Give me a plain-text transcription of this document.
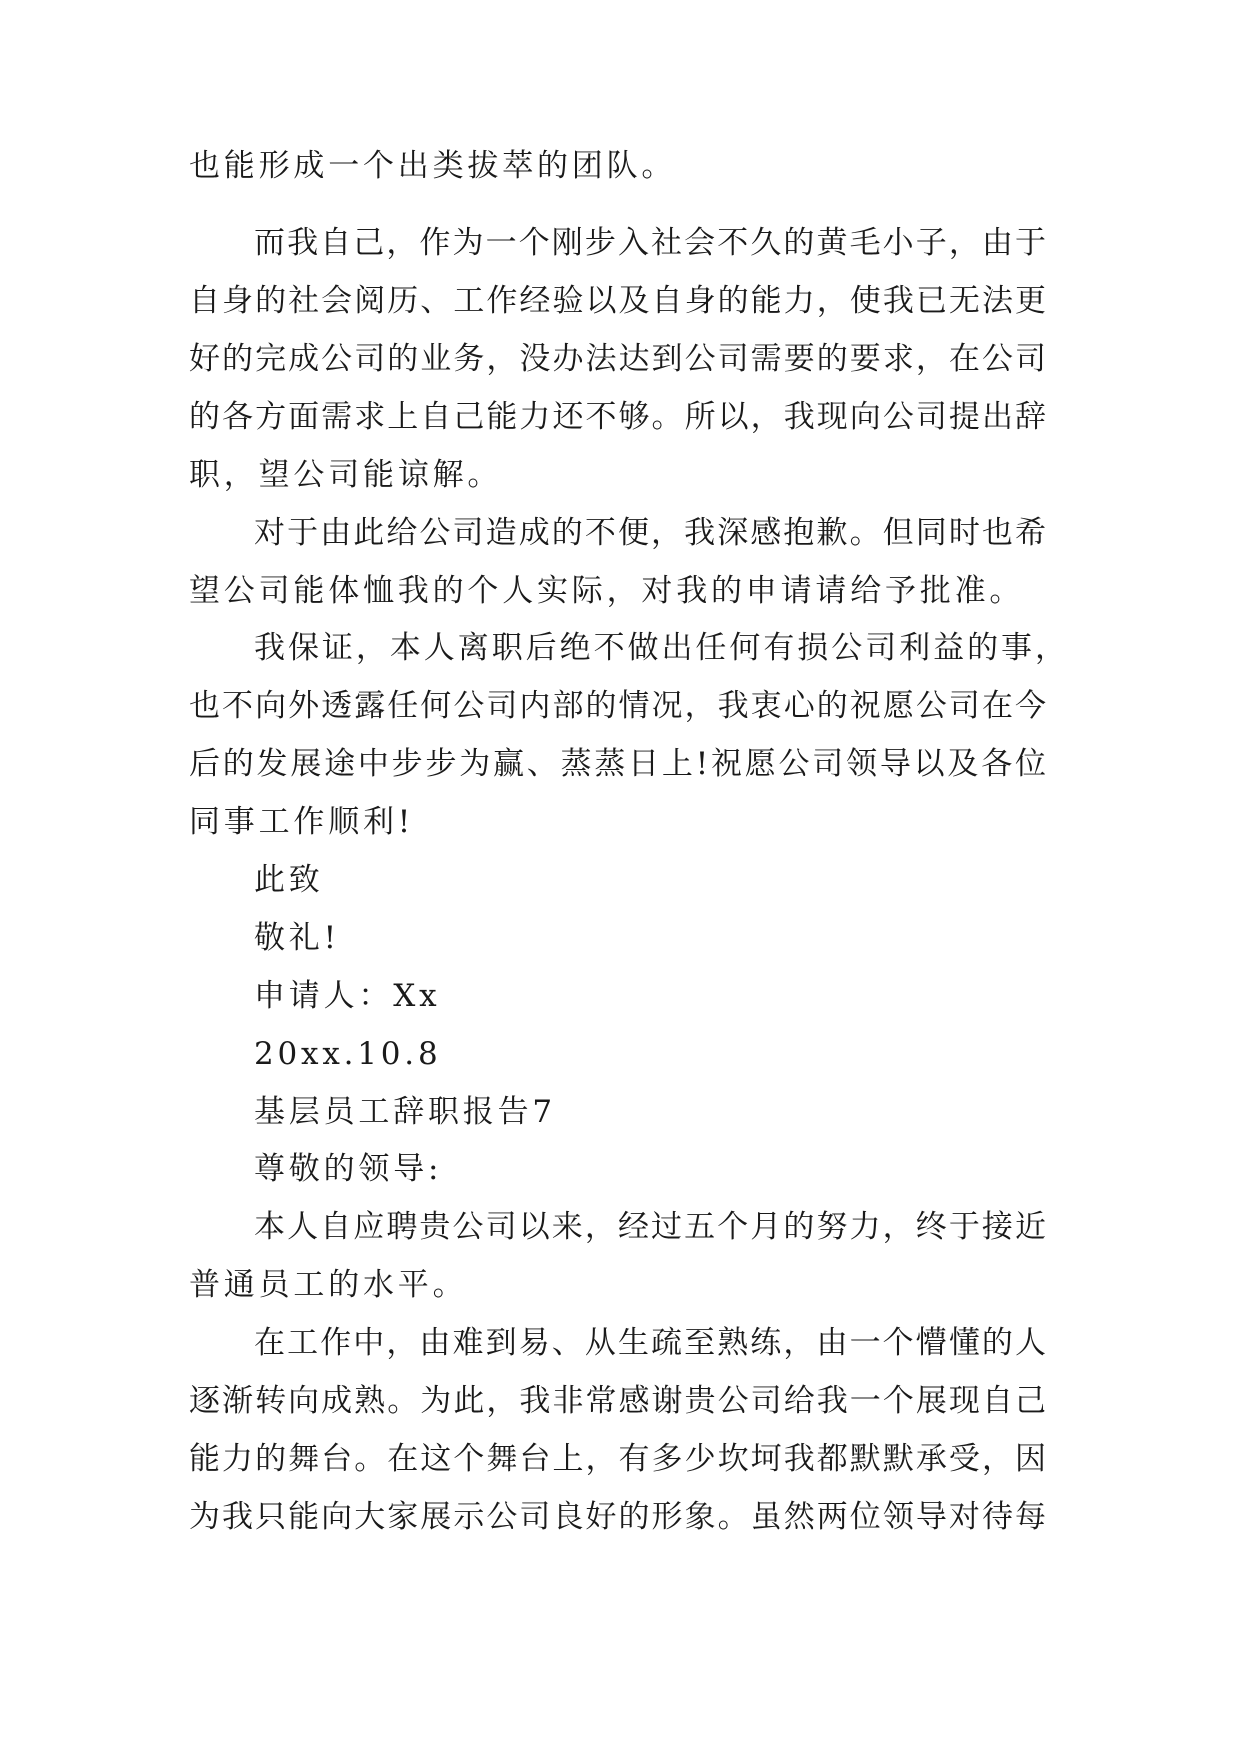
也能形成一个出类拔萃的团队。
而我自己，作为一个刚步入社会不久的黄毛小子，由于
自身的社会阅历、工作经验以及自身的能力，使我已无法更
好的完成公司的业务，没办法达到公司需要的要求，在公司
的各方面需求上自己能力还不够。所以，我现向公司提出辞
职，望公司能谅解。
对于由此给公司造成的不便，我深感抱歉。但同时也希
望公司能体恤我的个人实际，对我的申请请给予批准。
我保证，本人离职后绝不做出任何有损公司利益的事，
也不向外透露任何公司内部的情况，我衷心的祝愿公司在今
后的发展途中步步为赢、蒸蒸日上!祝愿公司领导以及各位
同事工作顺利!
此致
敬礼!
申请人：Xx
20xx.10.8
基层员工辞职报告7
尊敬的领导:
本人自应聘贵公司以来，经过五个月的努力，终于接近
普通员工的水平。
在工作中，由难到易、从生疏至熟练，由一个懵懂的人
逐渐转向成熟。为此，我非常感谢贵公司给我一个展现自己
能力的舞台。在这个舞台上，有多少坎坷我都默默承受，因
为我只能向大家展示公司良好的形象。虽然两位领导对待每
